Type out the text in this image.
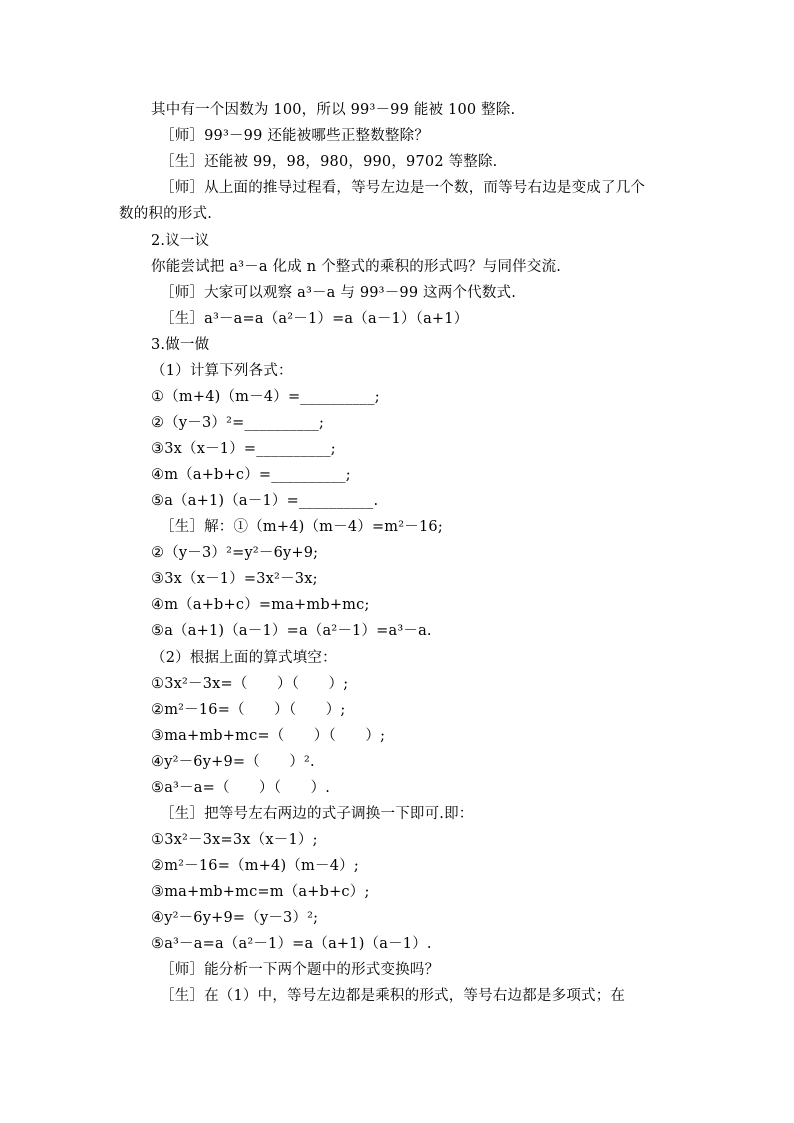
其中有一个因数为 100，所以 99³－99 能被 100 整除.
［师］99³－99 还能被哪些正整数整除？
［生］还能被 99，98，980，990，9702 等整除.
［师］从上面的推导过程看，等号左边是一个数，而等号右边是变成了几个
数的积的形式.
2.议一议
你能尝试把 a³－a 化成 n 个整式的乘积的形式吗？与同伴交流.
［师］大家可以观察 a³－a 与 99³－99 这两个代数式.
［生］a³－a=a（a²－1）=a（a－1）（a+1）
3.做一做
（1）计算下列各式：
①（m+4)（m－4）=__________;
②（y－3）²=__________;
③3x（x－1）=__________;
④m（a+b+c）=__________;
⑤a（a+1)（a－1）=__________.
［生］解：①（m+4)（m－4）=m²－16;
②（y－3）²=y²－6y+9;
③3x（x－1）=3x²－3x;
④m（a+b+c）=ma+mb+mc;
⑤a（a+1)（a－1）=a（a²－1）=a³－a.
（2）根据上面的算式填空：
①3x²－3x=（　　）（　　）;
②m²－16=（　　）（　　）;
③ma+mb+mc=（　　）（　　）;
④y²－6y+9=（　　）².
⑤a³－a=（　　）（　　）.
［生］把等号左右两边的式子调换一下即可.即：
①3x²－3x=3x（x－1）;
②m²－16=（m+4)（m－4）;
③ma+mb+mc=m（a+b+c）;
④y²－6y+9=（y－3）²;
⑤a³－a=a（a²－1）=a（a+1)（a－1）.
［师］能分析一下两个题中的形式变换吗？
［生］在（1）中，等号左边都是乘积的形式，等号右边都是多项式；在
